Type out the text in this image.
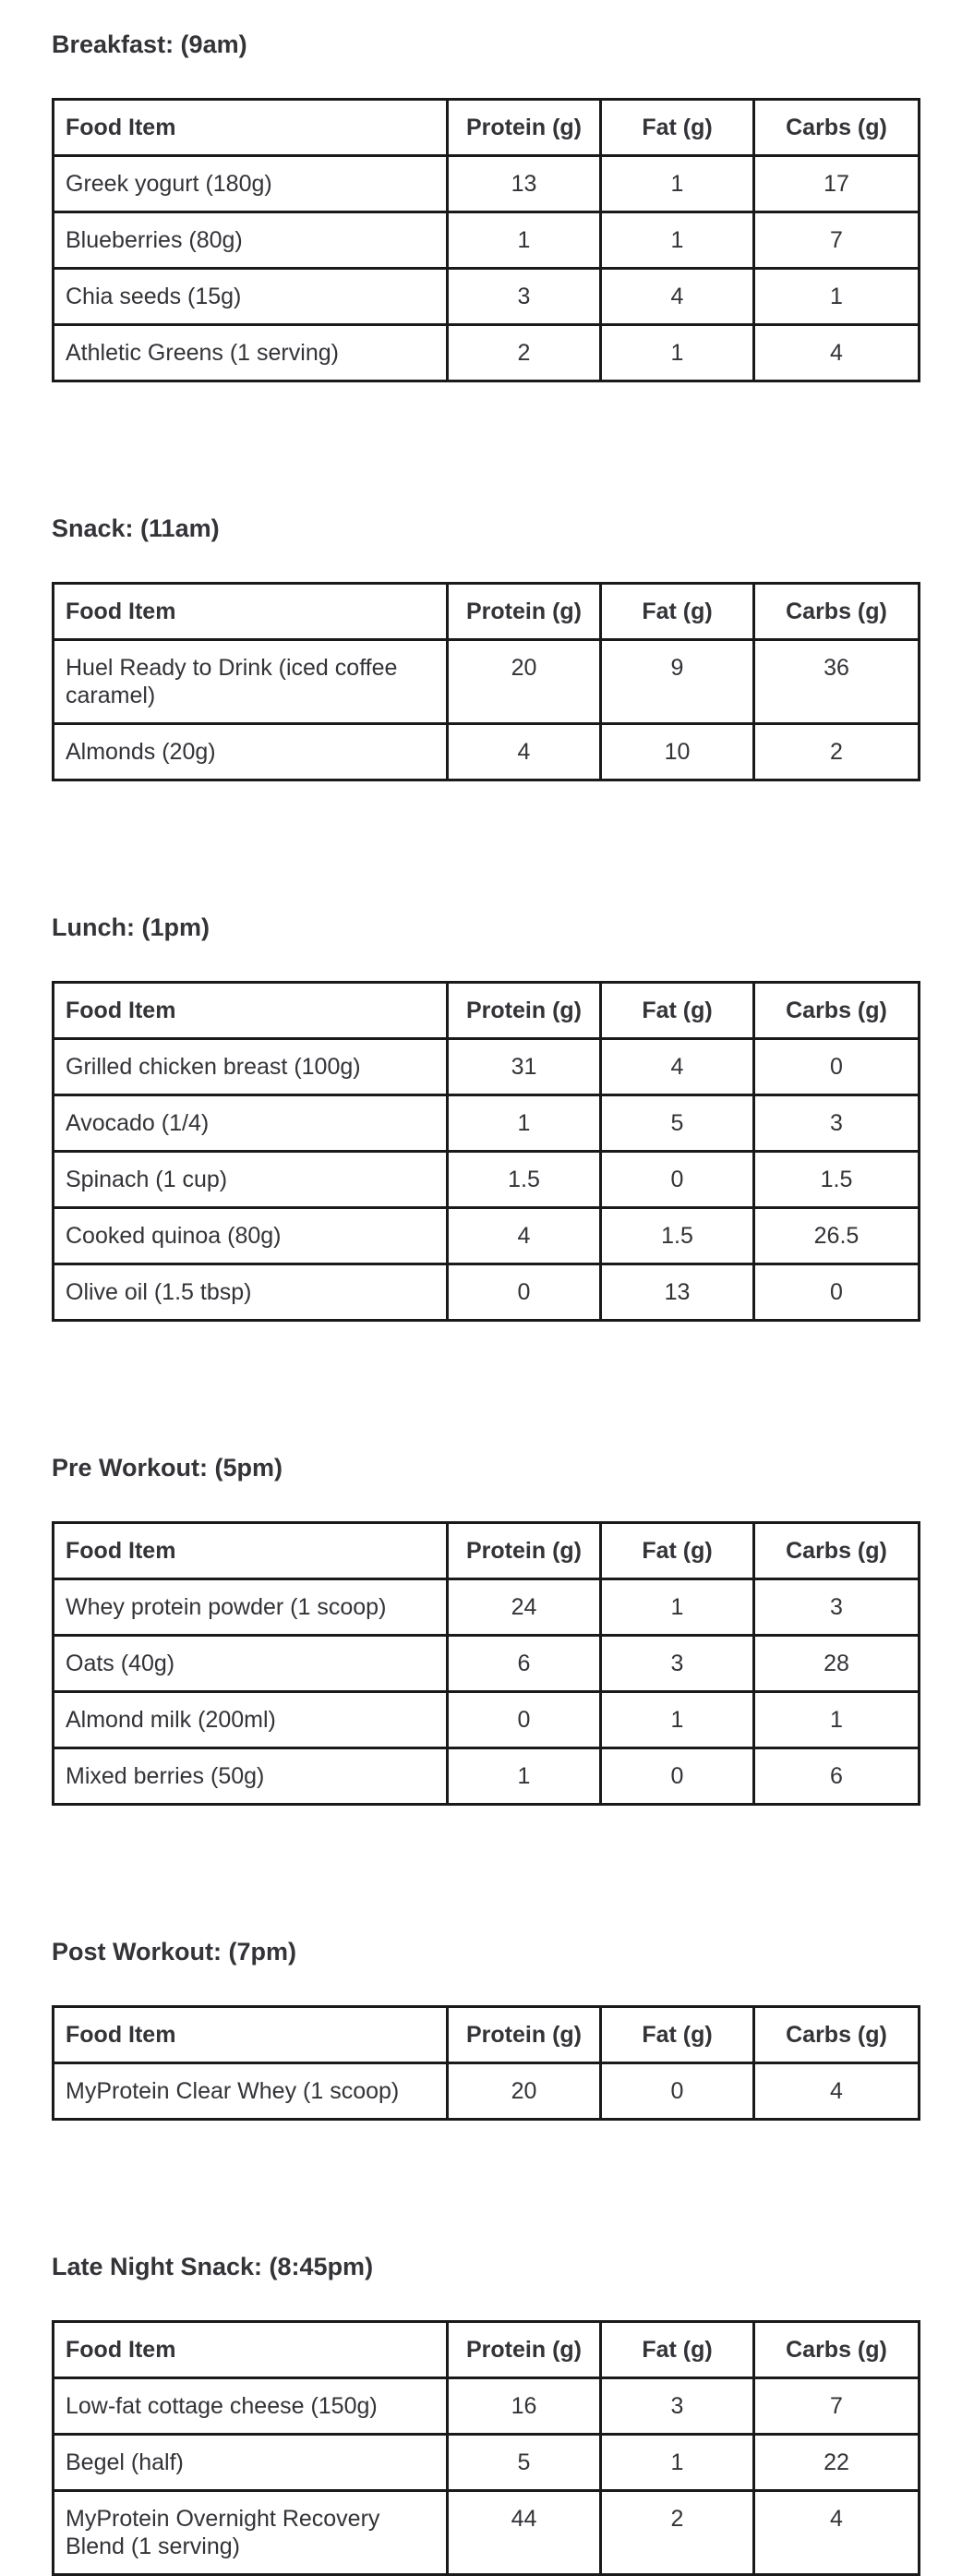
Breakfast: (9am)
Food Item	Protein (g)	Fat (g)	Carbs (g)
Greek yogurt (180g)	13	1	17
Blueberries (80g)	1	1	7
Chia seeds (15g)	3	4	1
Athletic Greens (1 serving)	2	1	4
Snack: (11am)
Food Item	Protein (g)	Fat (g)	Carbs (g)
Huel Ready to Drink (iced coffee caramel)	20	9	36
Almonds (20g)	4	10	2
Lunch: (1pm)
Food Item	Protein (g)	Fat (g)	Carbs (g)
Grilled chicken breast (100g)	31	4	0
Avocado (1/4)	1	5	3
Spinach (1 cup)	1.5	0	1.5
Cooked quinoa (80g)	4	1.5	26.5
Olive oil (1.5 tbsp)	0	13	0
Pre Workout: (5pm)
Food Item	Protein (g)	Fat (g)	Carbs (g)
Whey protein powder (1 scoop)	24	1	3
Oats (40g)	6	3	28
Almond milk (200ml)	0	1	1
Mixed berries (50g)	1	0	6
Post Workout: (7pm)
Food Item	Protein (g)	Fat (g)	Carbs (g)
MyProtein Clear Whey (1 scoop)	20	0	4
Late Night Snack: (8:45pm)
Food Item	Protein (g)	Fat (g)	Carbs (g)
Low-fat cottage cheese (150g)	16	3	7
Begel (half)	5	1	22
MyProtein Overnight Recovery Blend (1 serving)	44	2	4
